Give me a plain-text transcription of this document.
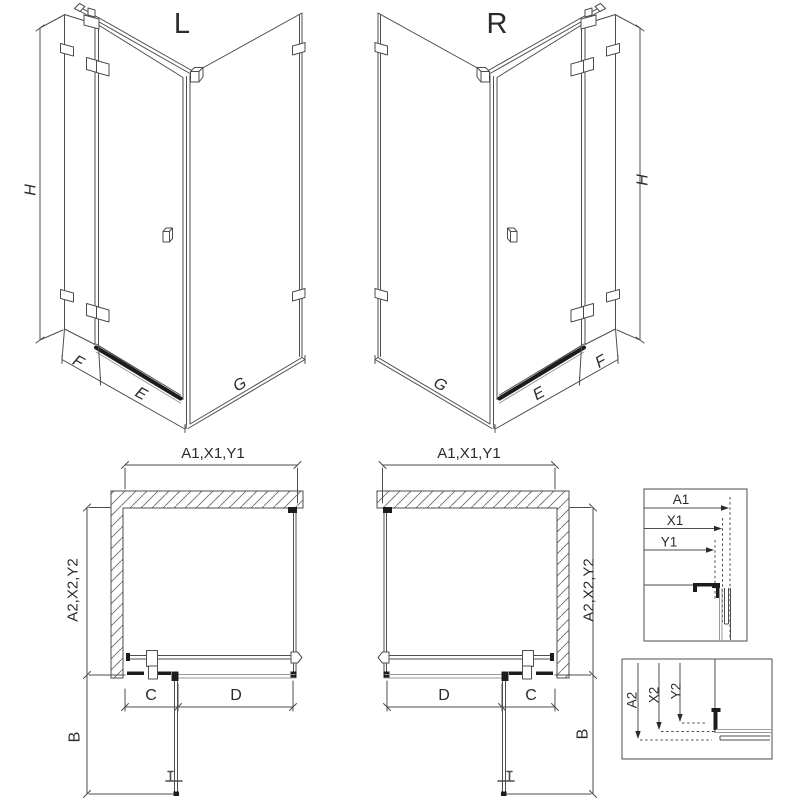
L	R
H
H
F
E	G
F
E
G
A1,X1,Y1	A1,X1,Y1
A2,X2,Y2	A2,X2,Y2
C	D	D	C
B	B
A1
X1
Y1
A2 X2 Y2
